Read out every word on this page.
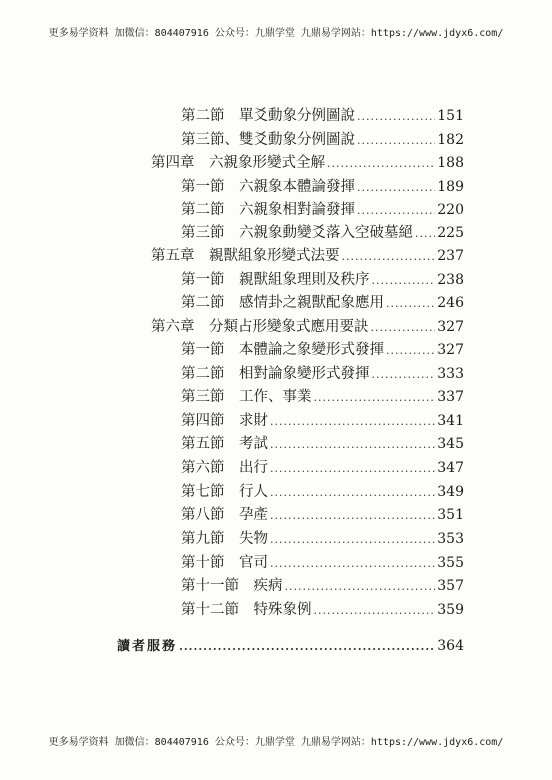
更多易学资料 加微信：804407916 公众号：九鼎学堂 九鼎易学网站：https://www.jdyx6.com/
第二節　單爻動象分例圖說 .....	151
第三節、雙爻動象分例圖說 .....	182
第四章　六親象形變式全解 .....	188
第一節　六親象本體論發揮 .....	189
第二節　六親象相對論發揮 .....	220
第三節　六親象動變爻落入空破墓絕 ..... 225
第五章　親獸組象形變式法要 .....	237
第一節　親獸組象理則及秩序 .....	238
第二節　感情卦之親獸配象應用 .....	246
第六章　分類占形變象式應用要訣 .....	327
第一節　本體論之象變形式發揮 .....	327
第二節　相對論象變形式發揮 .....	333
第三節　工作、事業 .....	337
第四節　求財 .....	341
第五節　考試 .....	345
第六節　出行 .....	347
第七節　行人 .....	349
第八節　孕產 .....	351
第九節　失物 .....	353
第十節　官司 .....	355
第十一節　疾病 .....	357
第十二節　特殊象例 .....	359
讀者服務 .....	364
更多易学资料 加微信：804407916 公众号：九鼎学堂 九鼎易学网站：https://www.jdyx6.com/
